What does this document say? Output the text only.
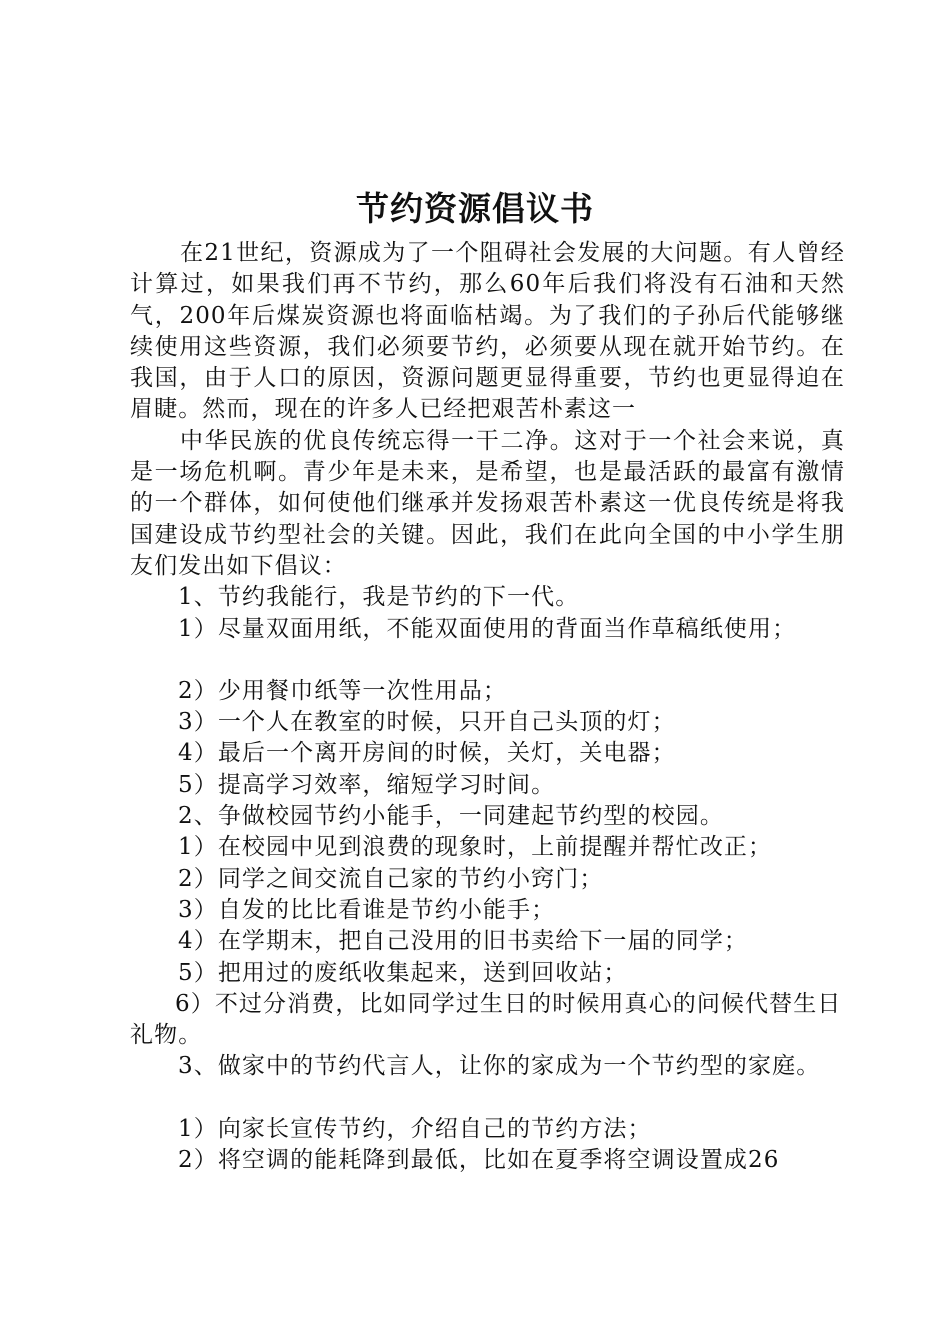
节约资源倡议书

在21世纪，资源成为了一个阻碍社会发展的大问题。有人曾经计算过，如果我们再不节约，那么60年后我们将没有石油和天然气，200年后煤炭资源也将面临枯竭。为了我们的子孙后代能够继续使用这些资源，我们必须要节约，必须要从现在就开始节约。在我国，由于人口的原因，资源问题更显得重要，节约也更显得迫在眉睫。然而，现在的许多人已经把艰苦朴素这一

中华民族的优良传统忘得一干二净。这对于一个社会来说，真是一场危机啊。青少年是未来，是希望，也是最活跃的最富有激情的一个群体，如何使他们继承并发扬艰苦朴素这一优良传统是将我国建设成节约型社会的关键。因此，我们在此向全国的中小学生朋友们发出如下倡议：

1、节约我能行，我是节约的下一代。

1）尽量双面用纸，不能双面使用的背面当作草稿纸使用；

2）少用餐巾纸等一次性用品；

3）一个人在教室的时候，只开自己头顶的灯；

4）最后一个离开房间的时候，关灯，关电器；

5）提高学习效率，缩短学习时间。

2、争做校园节约小能手，一同建起节约型的校园。

1）在校园中见到浪费的现象时，上前提醒并帮忙改正；

2）同学之间交流自己家的节约小窍门；

3）自发的比比看谁是节约小能手；

4）在学期末，把自己没用的旧书卖给下一届的同学；

5）把用过的废纸收集起来，送到回收站；

6）不过分消费，比如同学过生日的时候用真心的问候代替生日礼物。

3、做家中的节约代言人，让你的家成为一个节约型的家庭。

1）向家长宣传节约，介绍自己的节约方法；

2）将空调的能耗降到最低，比如在夏季将空调设置成26
